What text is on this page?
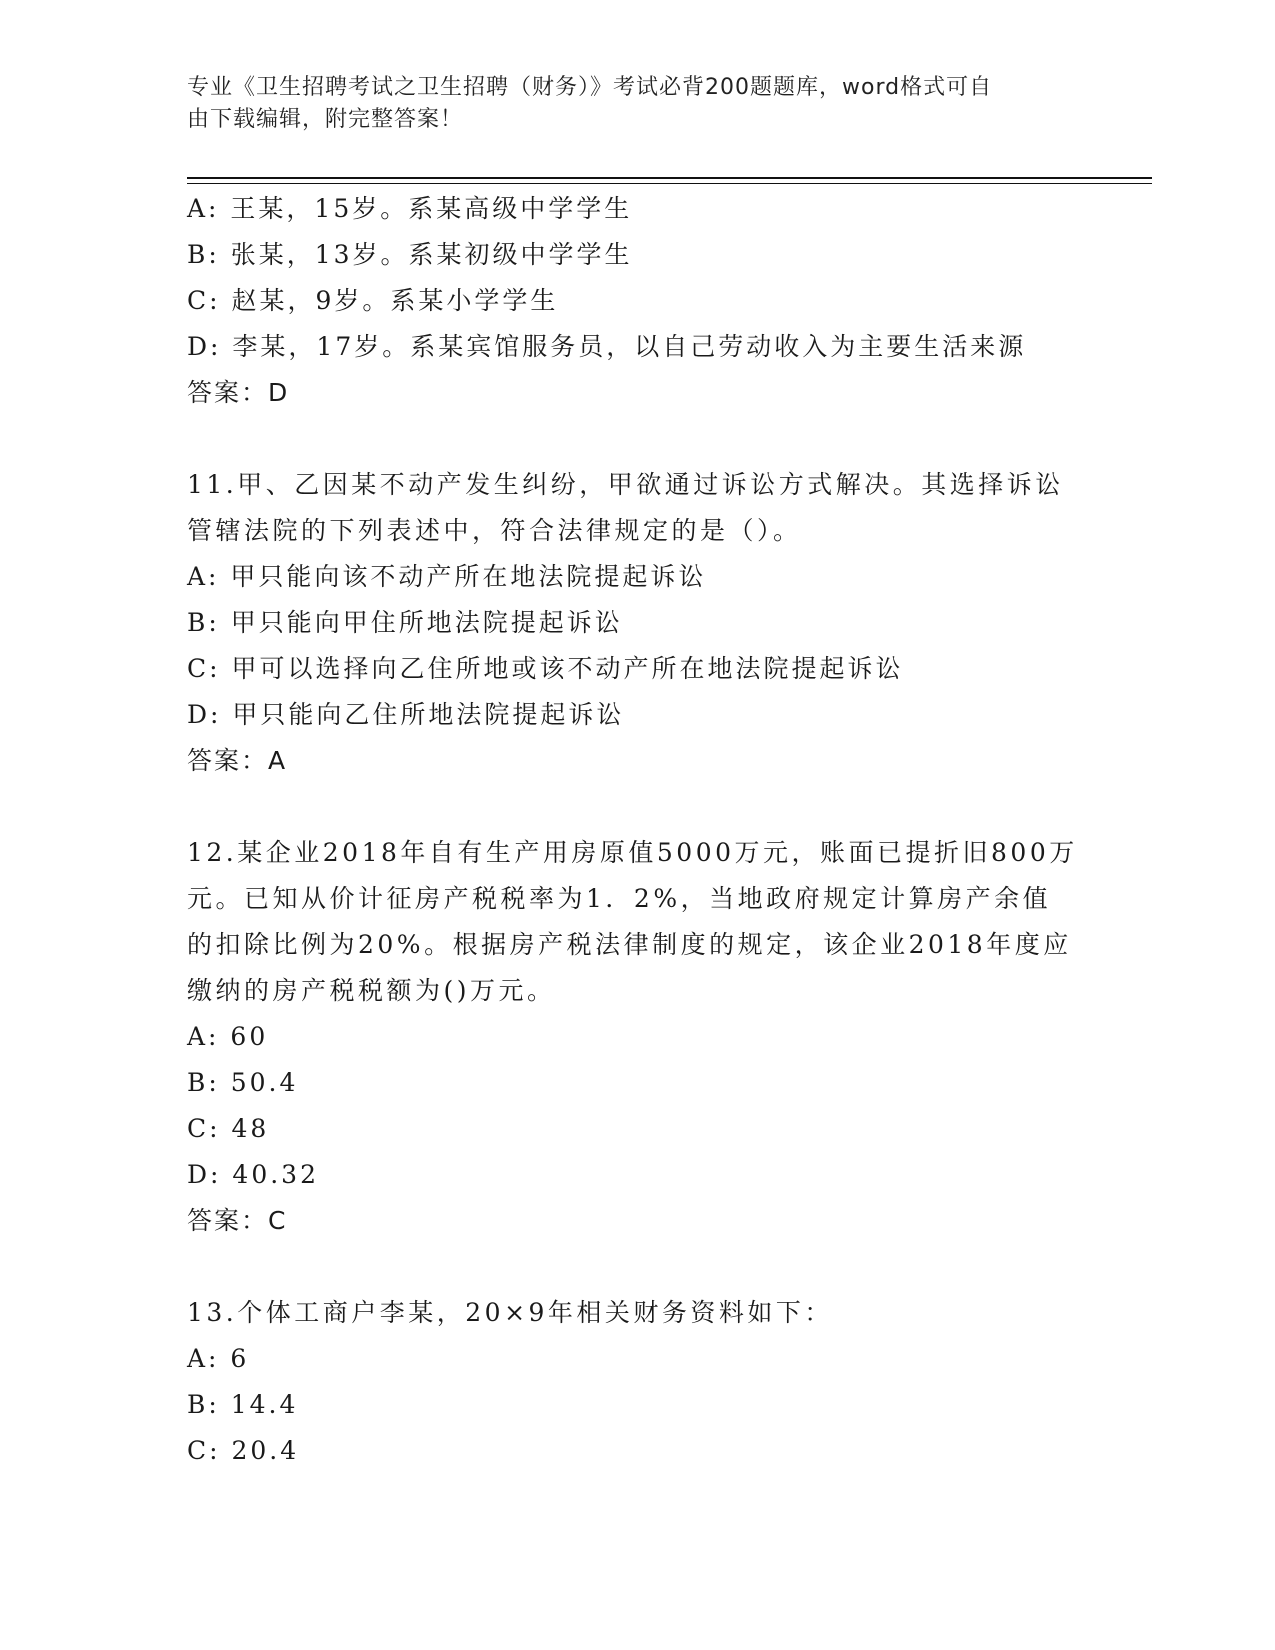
专业《卫生招聘考试之卫生招聘（财务）》考试必背200题题库，word格式可自
由下载编辑，附完整答案！
A: 王某，15岁。系某高级中学学生
B: 张某，13岁。系某初级中学学生
C: 赵某，9岁。系某小学学生
D: 李某，17岁。系某宾馆服务员，以自己劳动收入为主要生活来源
答案：D
11.甲、乙因某不动产发生纠纷，甲欲通过诉讼方式解决。其选择诉讼
管辖法院的下列表述中，符合法律规定的是（）。
A: 甲只能向该不动产所在地法院提起诉讼
B: 甲只能向甲住所地法院提起诉讼
C: 甲可以选择向乙住所地或该不动产所在地法院提起诉讼
D: 甲只能向乙住所地法院提起诉讼
答案：A
12.某企业2018年自有生产用房原值5000万元，账面已提折旧800万
元。已知从价计征房产税税率为1．2%，当地政府规定计算房产余值
的扣除比例为20%。根据房产税法律制度的规定，该企业2018年度应
缴纳的房产税税额为()万元。
A: 60
B: 50.4
C: 48
D: 40.32
答案：C
13.个体工商户李某，20×9年相关财务资料如下：
A: 6
B: 14.4
C: 20.4
